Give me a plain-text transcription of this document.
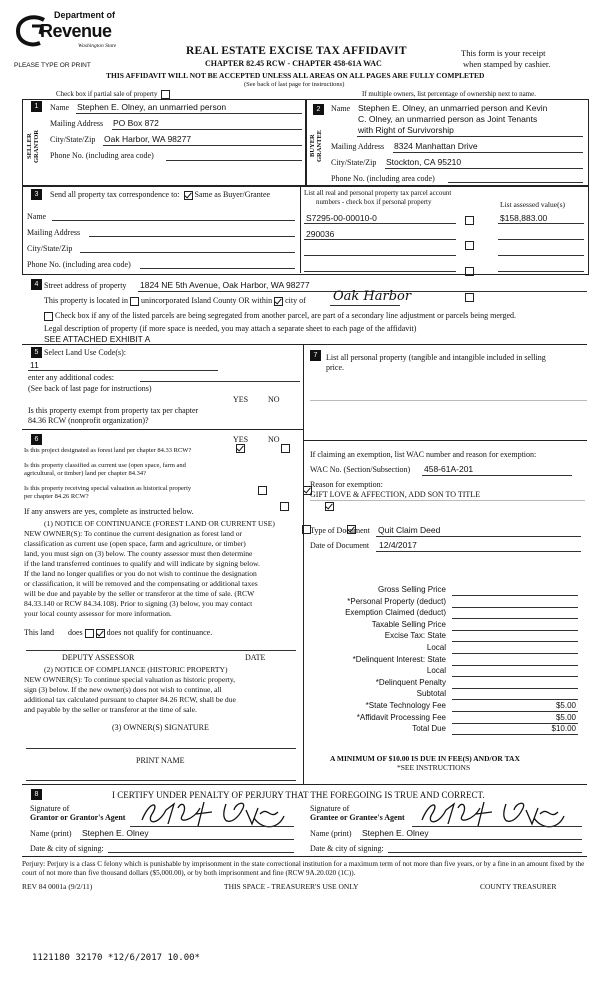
Department of
Revenue
Washington State
PLEASE TYPE OR PRINT
REAL ESTATE EXCISE TAX AFFIDAVIT
CHAPTER 82.45 RCW - CHAPTER 458-61A WAC
This form is your receipt
when stamped by cashier.
THIS AFFIDAVIT WILL NOT BE ACCEPTED UNLESS ALL AREAS ON ALL PAGES ARE FULLY COMPLETED
(See back of last page for instructions)
Check box if partial sale of property	If multiple owners, list percentage of ownership next to name.
1
SELLER GRANTOR
Name Stephen E. Olney, an unmarried person
Mailing Address PO Box 872
City/State/Zip Oak Harbor, WA 98277
Phone No. (including area code)
2
BUYER GRANTEE
Name Stephen E. Olney, an unmarried person and Kevin
C. Olney, an unmarried person as Joint Tenants
with Right of Survivorship
Mailing Address 8324 Manhattan Drive
City/State/Zip Stockton, CA 95210
Phone No. (including area code)
3	Send all property tax correspondence to: Same as Buyer/Grantee
Name
Mailing Address
City/State/Zip
Phone No. (including area code)
List all real and personal property tax parcel account
numbers - check box if personal property	List assessed value(s)
S7295-00-00010-0	$158,883.00
290036
4 Street address of property 1824 NE 5th Avenue, Oak Harbor, WA 98277
This property is located in unincorporated Island County OR within city of Oak Harbor
Check box if any of the listed parcels are being segregated from another parcel, are part of a secondary line adjustment or parcels being merged.
Legal description of property (if more space is needed, you may attach a separate sheet to each page of the affidavit)
SEE ATTACHED EXHIBIT A
5 Select Land Use Code(s):
11
enter any additional codes:
(See back of last page for instructions)
YES NO
Is this property exempt from property tax per chapter
84.36 RCW (nonprofit organization)?

6	YES NO
Is this project designated as forest land per chapter 84.33 RCW?

Is this property classified as current use (open space, farm and
agricultural, or timber) land per chapter 84.34?

Is this property receiving special valuation as historical property
per chapter 84.26 RCW?

If any answers are yes, complete as instructed below.
(1) NOTICE OF CONTINUANCE (FOREST LAND OR CURRENT USE)
NEW OWNER(S): To continue the current designation as forest land or
classification as current use (open space, farm and agriculture, or timber)
land, you must sign on (3) below. The county assessor must then determine
if the land transferred continues to qualify and will indicate by signing below.
If the land no longer qualifies or you do not wish to continue the designation
or classification, it will be removed and the compensating or additional taxes
will be due and payable by the seller or transferor at the time of sale. (RCW
84.33.140 or RCW 84.34.108). Prior to signing (3) below, you may contact
your local county assessor for more information.
This land does	does not qualify for continuance.
DEPUTY ASSESSOR	DATE
(2) NOTICE OF COMPLIANCE (HISTORIC PROPERTY)
NEW OWNER(S): To continue special valuation as historic property,
sign (3) below. If the new owner(s) does not wish to continue, all
additional tax calculated pursuant to chapter 84.26 RCW, shall be due
and payable by the seller or transferor at the time of sale.
(3) OWNER(S) SIGNATURE
PRINT NAME
7	List all personal property (tangible and intangible included in selling
price.
If claiming an exemption, list WAC number and reason for exemption:
WAC No. (Section/Subsection) 458-61A-201
Reason for exemption:
GIFT LOVE & AFFECTION, ADD SON TO TITLE
Type of Document Quit Claim Deed
Date of Document 12/4/2017
Gross Selling Price
*Personal Property (deduct)
Exemption Claimed (deduct)
Taxable Selling Price
Excise Tax: State
Local
*Delinquent Interest: State
Local
*Delinquent Penalty
Subtotal
*State Technology Fee	$5.00
*Affidavit Processing Fee	$5.00
Total Due	$10.00
A MINIMUM OF $10.00 IS DUE IN FEE(S) AND/OR TAX
*SEE INSTRUCTIONS
8	I CERTIFY UNDER PENALTY OF PERJURY THAT THE FOREGOING IS TRUE AND CORRECT.
Signature of
Grantor or Grantor's Agent
Name (print) Stephen E. Olney
Date & city of signing:
Signature of
Grantee or Grantee's Agent
Name (print) Stephen E. Olney
Date & city of signing:
Perjury: Perjury is a class C felony which is punishable by imprisonment in the state correctional institution for a maximum term of not more than five years, or by a fine in an amount fixed by the court of not more than five thousand dollars ($5,000.00), or by both imprisonment and fine (RCW 9A.20.020 (1C)).
REV 84 0001a (9/2/11)	THIS SPACE - TREASURER'S USE ONLY	COUNTY TREASURER
1121180 32170 *12/6/2017 10.00*
